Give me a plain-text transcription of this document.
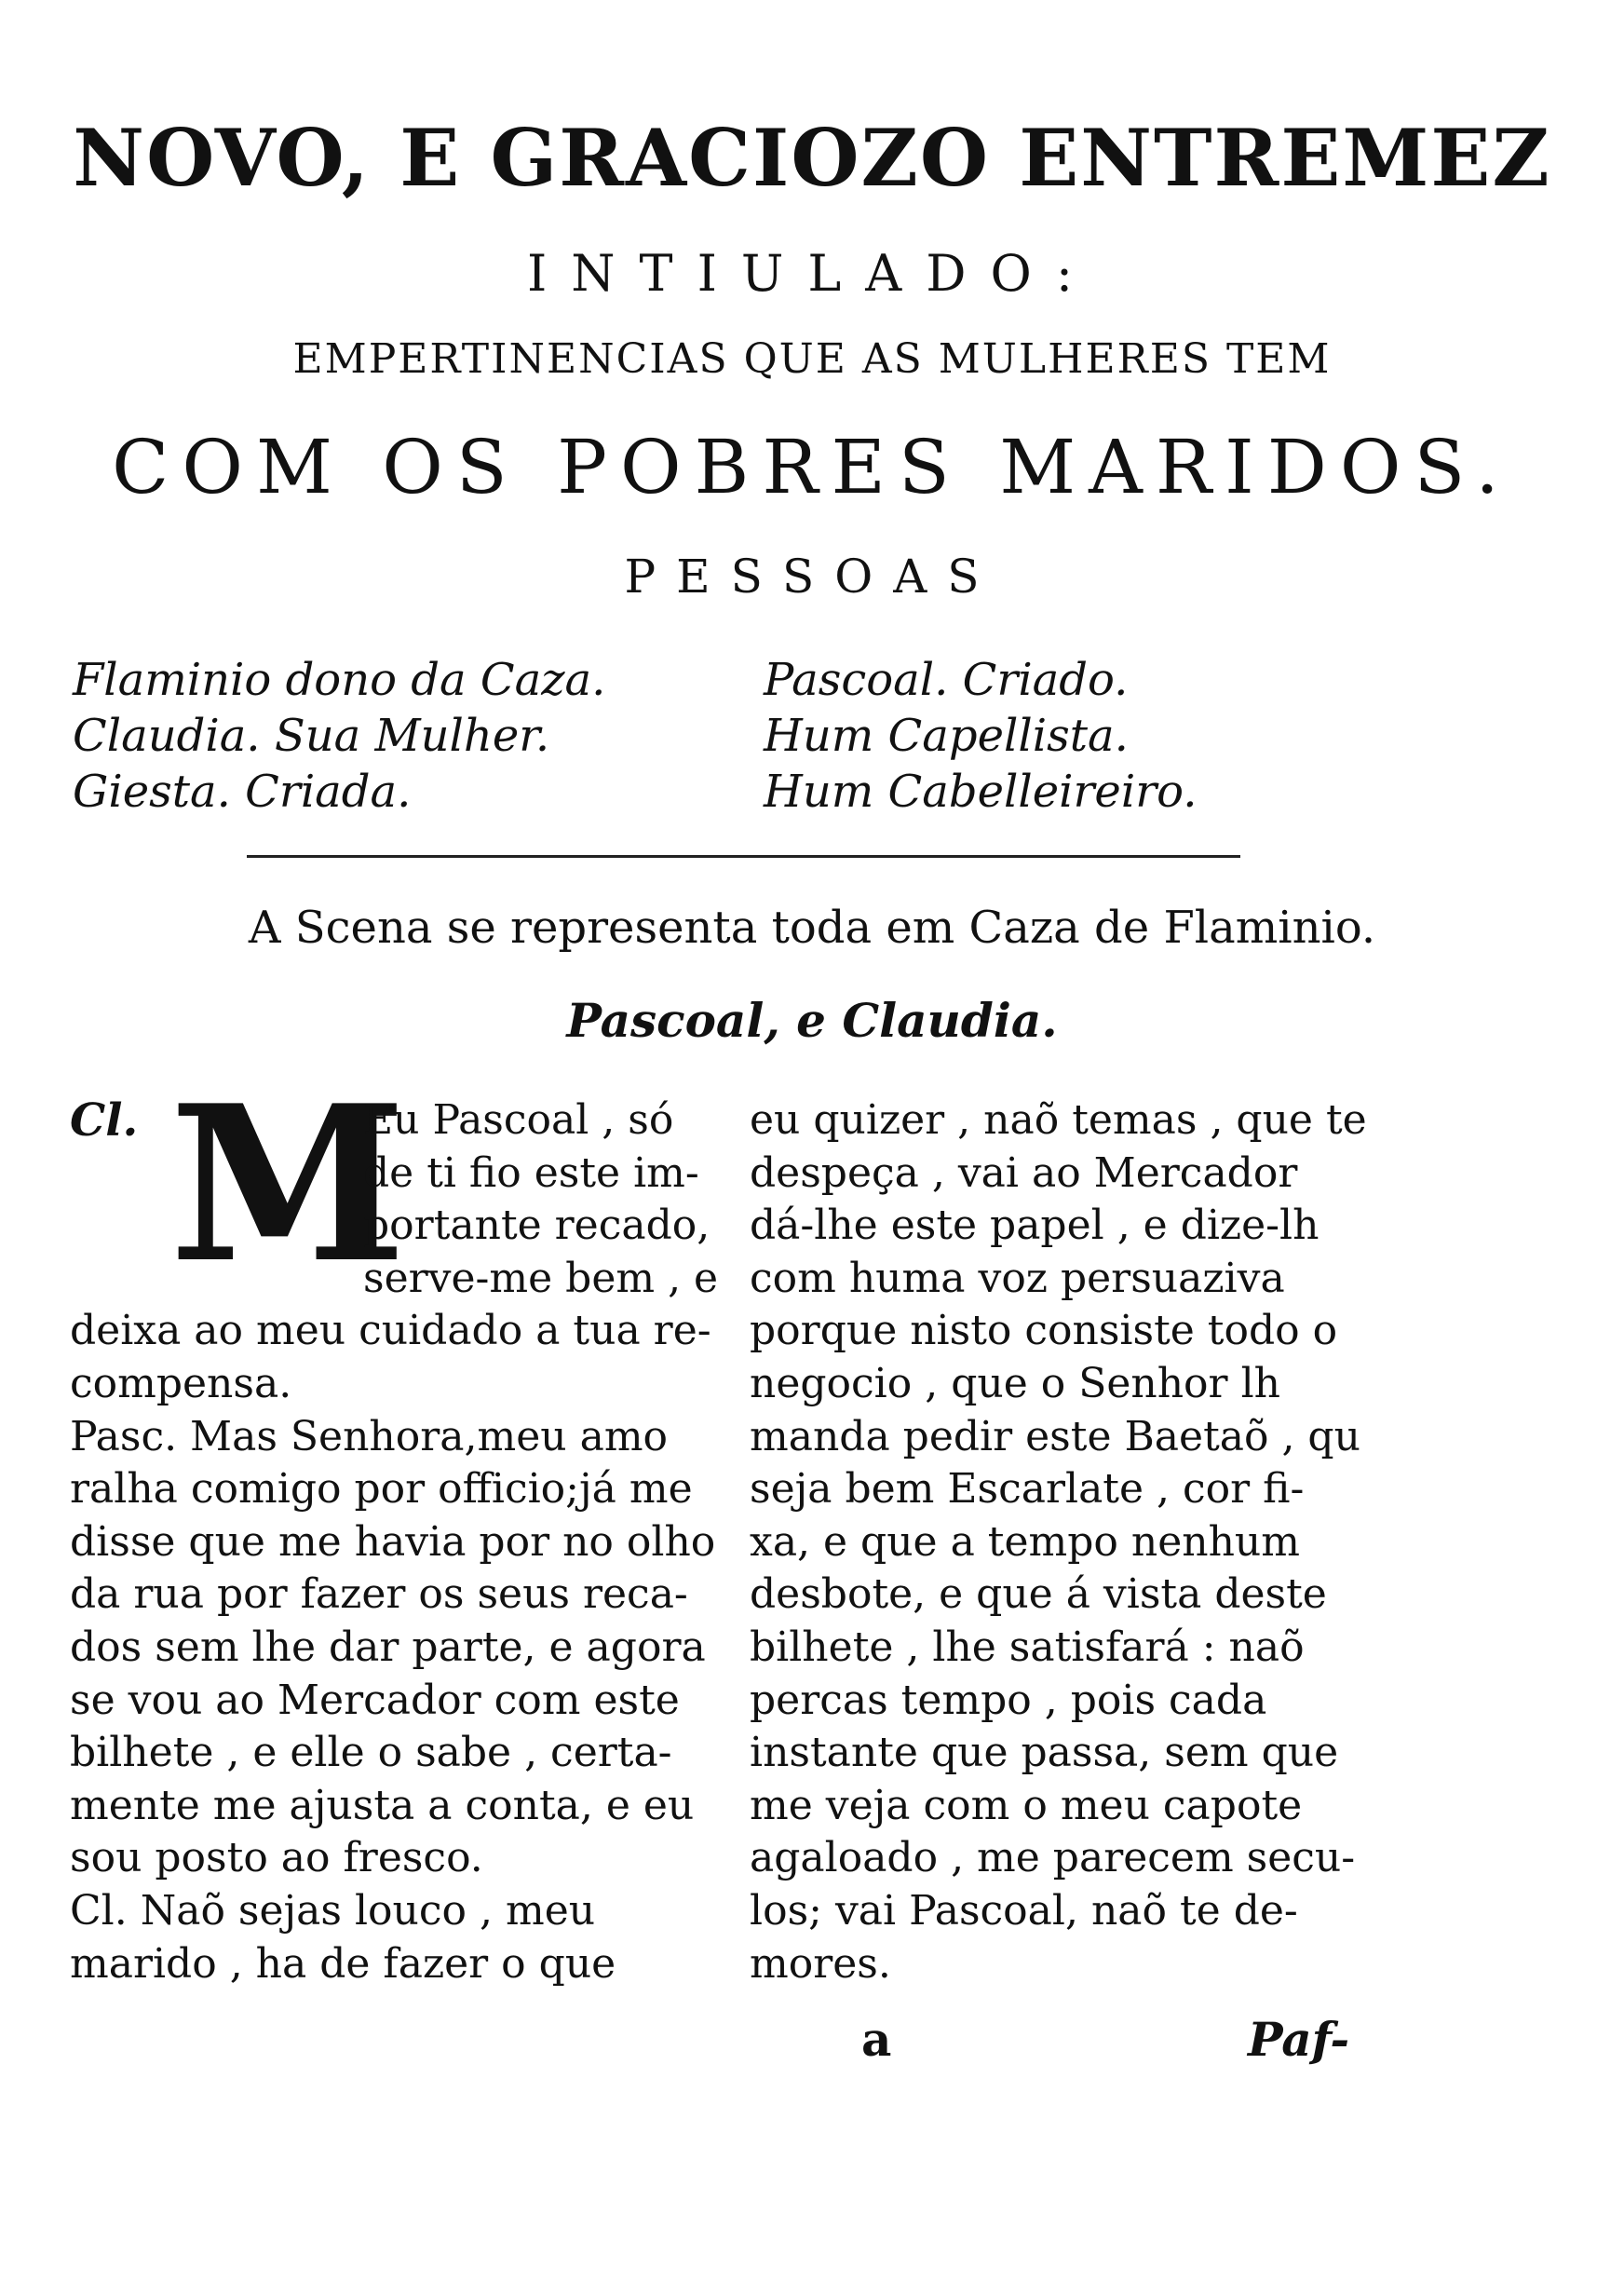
NOVO, E GRACIOZO ENTREMEZ
INTIULADO:
EMPERTINENCIAS QUE AS MULHERES TEM
COM OS POBRES MARIDOS.
PESSOAS
Flaminio dono da Caza.
Claudia. Sua Mulher.
Giesta. Criada.
Pascoal. Criado.
Hum Capellista.
Hum Cabelleireiro.
A Scena se representa toda em Caza de Flaminio.
Pascoal, e Claudia.
Cl. M
Eu Pascoal , só
de ti fio este im-
portante recado,
serve-me bem , e
deixa ao meu cuidado a tua re-
compensa.
Pasc. Mas Senhora,meu amo
ralha comigo por officio;já me
disse que me havia por no olho
da rua por fazer os seus reca-
dos sem lhe dar parte, e agora
se vou ao Mercador com este
bilhete , e elle o sabe , certa-
mente me ajusta a conta, e eu
sou posto ao fresco.
Cl. Naõ sejas louco , meu
marido , ha de fazer o que
eu quizer , naõ temas , que te
despeça , vai ao Mercador
dá-lhe este papel , e dize-lh
com huma voz persuaziva
porque nisto consiste todo o
negocio , que o Senhor lh
manda pedir este Baetaõ , qu
seja bem Escarlate , cor fi-
xa, e que a tempo nenhum
desbote, e que á vista deste
bilhete , lhe satisfará : naõ
percas tempo , pois cada
instante que passa, sem que
me veja com o meu capote
agaloado , me parecem secu-
los; vai Pascoal, naõ te de-
mores.
a	Paf-
